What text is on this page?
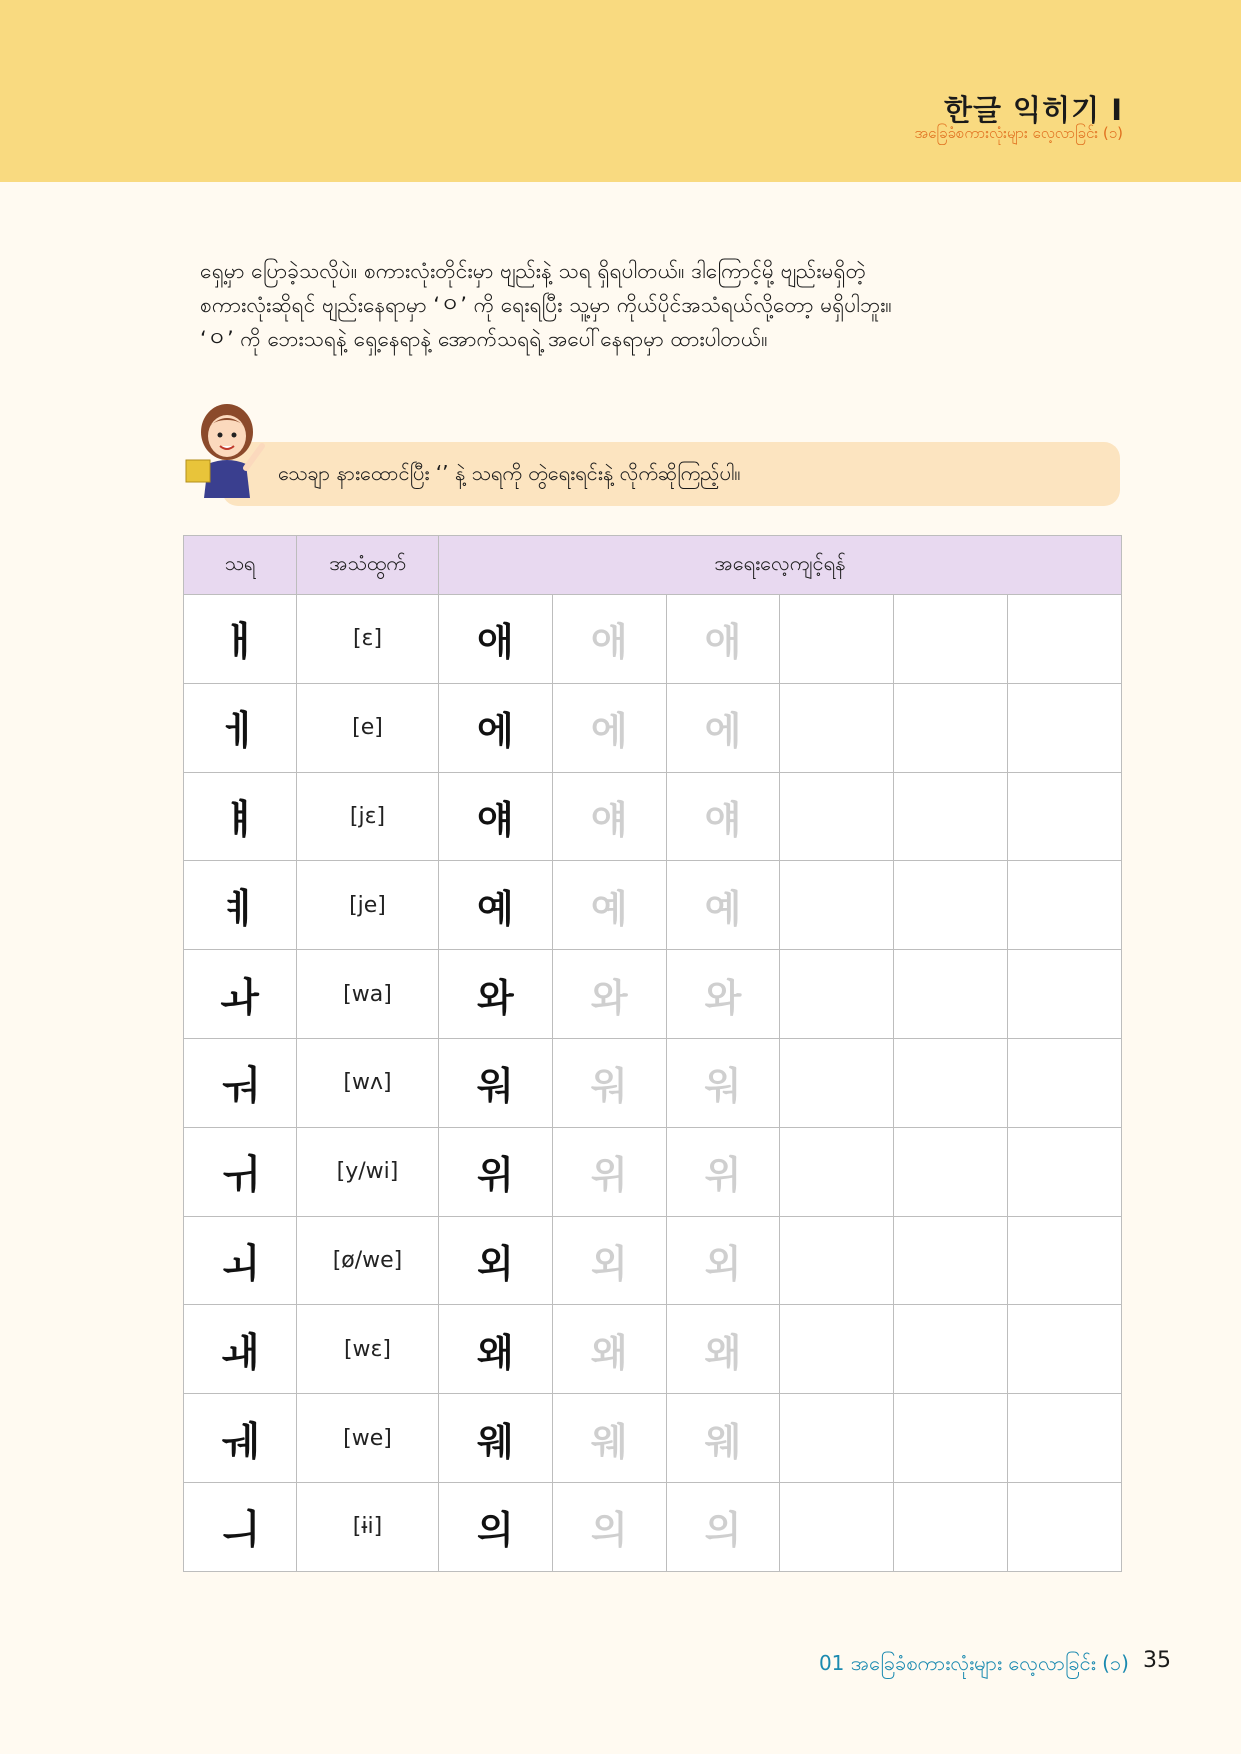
한글 익히기 I
အခြေခံစကားလုံးများ လေ့လာခြင်း (၁)

ရှေ့မှာ ပြောခဲ့သလိုပဲ။ စကားလုံးတိုင်းမှာ ဗျည်းနဲ့ သရ ရှိရပါတယ်။ ဒါကြောင့်မို့ ဗျည်းမရှိတဲ့

စကားလုံးဆိုရင် ဗျည်းနေရာမှာ ‘ㅇ’ ကို ရေးရပြီး သူ့မှာ ကိုယ်ပိုင်အသံရယ်လို့တော့ မရှိပါဘူး။

‘ㅇ’ ကို ဘေးသရနဲ့ ရှေ့နေရာနဲ့ အောက်သရရဲ့ အပေါ်နေရာမှာ ထားပါတယ်။

သေချာ နားထောင်ပြီး ‘’ နဲ့ သရကို တွဲရေးရင်းနဲ့ လိုက်ဆိုကြည့်ပါ။
သရ	အသံထွက်	အရေးလေ့ကျင့်ရန်					
ㅐ	[ɛ]	애	애	애			
ㅔ	[e]	에	에	에			
ㅒ	[jɛ]	얘	얘	얘			
ㅖ	[je]	예	예	예			
ㅘ	[wa]	와	와	와			
ㅝ	[wʌ]	워	워	워			
ㅟ	[y/wi]	위	위	위			
ㅚ	[ø/we]	외	외	외			
ㅙ	[wɛ]	왜	왜	왜			
ㅞ	[we]	웨	웨	웨			
ㅢ	[ɨi]	의	의	의			
01 အခြေခံစကားလုံးများ လေ့လာခြင်း (၁) 35
